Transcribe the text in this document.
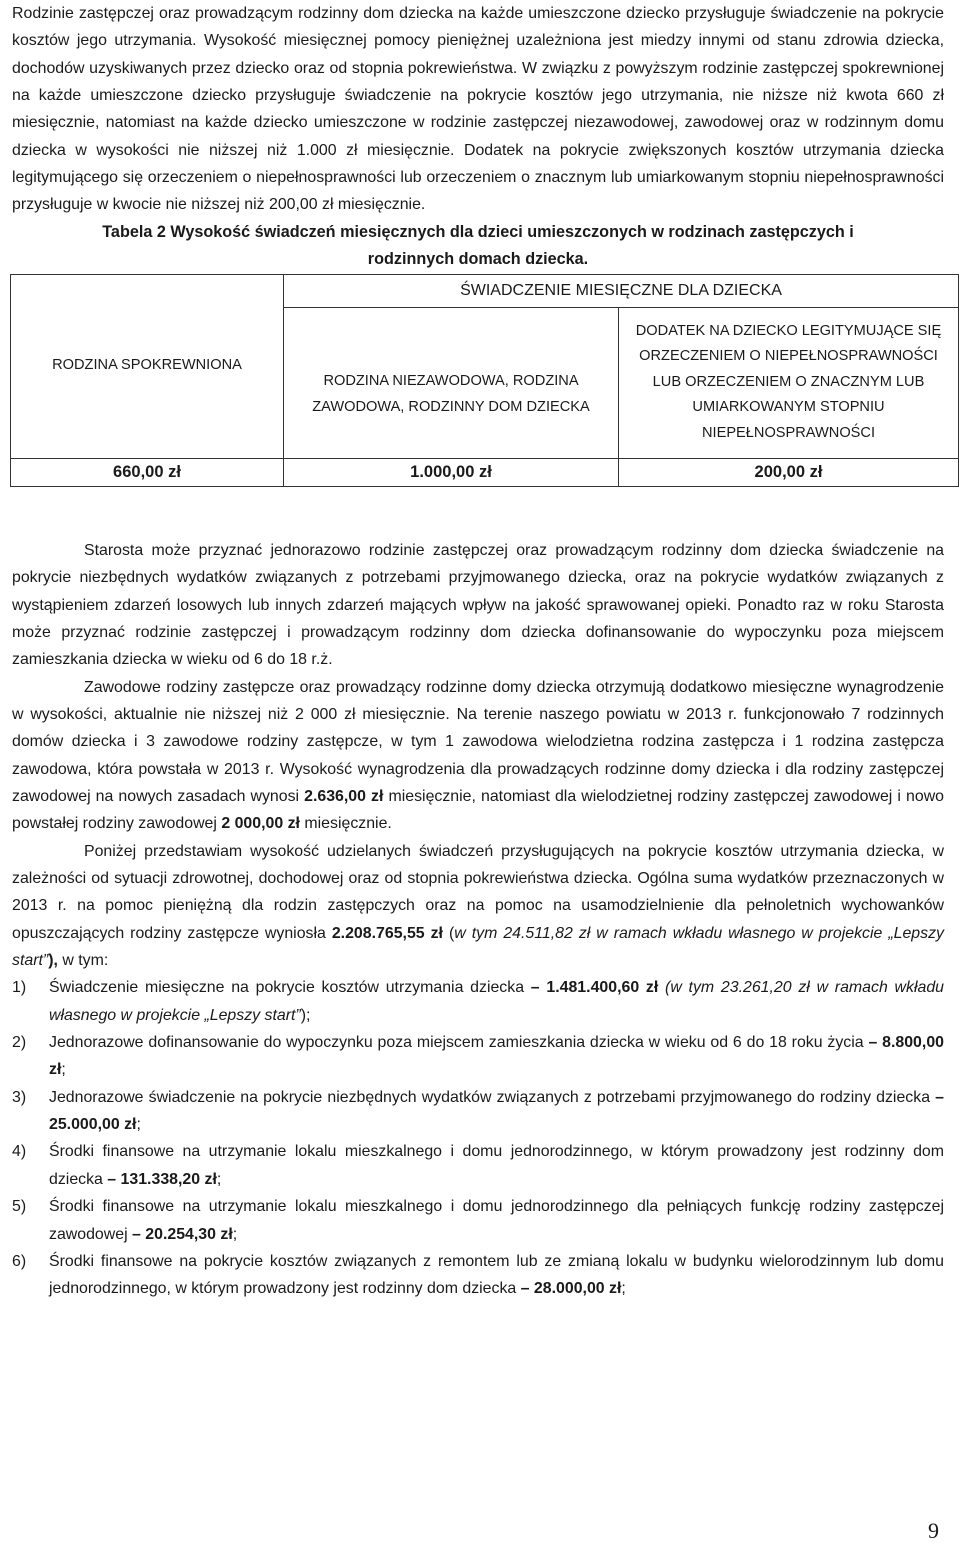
Rodzinie zastępczej oraz prowadzącym rodzinny dom dziecka na każde umieszczone dziecko przysługuje świadczenie na pokrycie kosztów jego utrzymania. Wysokość miesięcznej pomocy pieniężnej uzależniona jest miedzy innymi od stanu zdrowia dziecka, dochodów uzyskiwanych przez dziecko oraz od stopnia pokrewieństwa. W związku z powyższym rodzinie zastępczej spokrewnionej na każde umieszczone dziecko przysługuje świadczenie na pokrycie kosztów jego utrzymania, nie niższe niż kwota 660 zł miesięcznie, natomiast na każde dziecko umieszczone w rodzinie zastępczej niezawodowej, zawodowej oraz w rodzinnym domu dziecka w wysokości nie niższej niż 1.000 zł miesięcznie. Dodatek na pokrycie zwiększonych kosztów utrzymania dziecka legitymującego się orzeczeniem o niepełnosprawności lub orzeczeniem o znacznym lub umiarkowanym stopniu niepełnosprawności przysługuje w kwocie nie niższej niż 200,00 zł miesięcznie.

Tabela 2 Wysokość świadczeń miesięcznych dla dzieci umieszczonych w rodzinach zastępczych i rodzinnych domach dziecka.

RODZINA SPOKREWNIONA	ŚWIADCZENIE MIESIĘCZNE DLA DZIECKA	
	RODZINA NIEZAWODOWA, RODZINA ZAWODOWA, RODZINNY DOM DZIECKA	DODATEK NA DZIECKO LEGITYMUJĄCE SIĘ ORZECZENIEM O NIEPEŁNOSPRAWNOŚCI LUB ORZECZENIEM O ZNACZNYM LUB UMIARKOWANYM STOPNIU NIEPEŁNOSPRAWNOŚCI
660,00 zł	1.000,00 zł	200,00 zł

Starosta może przyznać jednorazowo rodzinie zastępczej oraz prowadzącym rodzinny dom dziecka świadczenie na pokrycie niezbędnych wydatków związanych z potrzebami przyjmowanego dziecka, oraz na pokrycie wydatków związanych z wystąpieniem zdarzeń losowych lub innych zdarzeń mających wpływ na jakość sprawowanej opieki. Ponadto raz w roku Starosta może przyznać rodzinie zastępczej i prowadzącym rodzinny dom dziecka dofinansowanie do wypoczynku poza miejscem zamieszkania dziecka w wieku od 6 do 18 r.ż.

Zawodowe rodziny zastępcze oraz prowadzący rodzinne domy dziecka otrzymują dodatkowo miesięczne wynagrodzenie w wysokości, aktualnie nie niższej niż 2 000 zł miesięcznie. Na terenie naszego powiatu w 2013 r. funkcjonowało 7 rodzinnych domów dziecka i 3 zawodowe rodziny zastępcze, w tym 1 zawodowa wielodzietna rodzina zastępcza i 1 rodzina zastępcza zawodowa, która powstała w 2013 r. Wysokość wynagrodzenia dla prowadzących rodzinne domy dziecka i dla rodziny zastępczej zawodowej na nowych zasadach wynosi 2.636,00 zł miesięcznie, natomiast dla wielodzietnej rodziny zastępczej zawodowej i nowo powstałej rodziny zawodowej 2 000,00 zł miesięcznie.

Poniżej przedstawiam wysokość udzielanych świadczeń przysługujących na pokrycie kosztów utrzymania dziecka, w zależności od sytuacji zdrowotnej, dochodowej oraz od stopnia pokrewieństwa dziecka. Ogólna suma wydatków przeznaczonych w 2013 r. na pomoc pieniężną dla rodzin zastępczych oraz na pomoc na usamodzielnienie dla pełnoletnich wychowanków opuszczających rodziny zastępcze wyniosła 2.208.765,55 zł (w tym 24.511,82 zł w ramach wkładu własnego w projekcie „Lepszy start”), w tym:

1) Świadczenie miesięczne na pokrycie kosztów utrzymania dziecka – 1.481.400,60 zł (w tym 23.261,20 zł w ramach wkładu własnego w projekcie „Lepszy start”);
2) Jednorazowe dofinansowanie do wypoczynku poza miejscem zamieszkania dziecka w wieku od 6 do 18 roku życia – 8.800,00 zł;
3) Jednorazowe świadczenie na pokrycie niezbędnych wydatków związanych z potrzebami przyjmowanego do rodziny dziecka – 25.000,00 zł;
4) Środki finansowe na utrzymanie lokalu mieszkalnego i domu jednorodzinnego, w którym prowadzony jest rodzinny dom dziecka – 131.338,20 zł;
5) Środki finansowe na utrzymanie lokalu mieszkalnego i domu jednorodzinnego dla pełniących funkcję rodziny zastępczej zawodowej – 20.254,30 zł;
6) Środki finansowe na pokrycie kosztów związanych z remontem lub ze zmianą lokalu w budynku wielorodzinnym lub domu jednorodzinnego, w którym prowadzony jest rodzinny dom dziecka – 28.000,00 zł;
9
